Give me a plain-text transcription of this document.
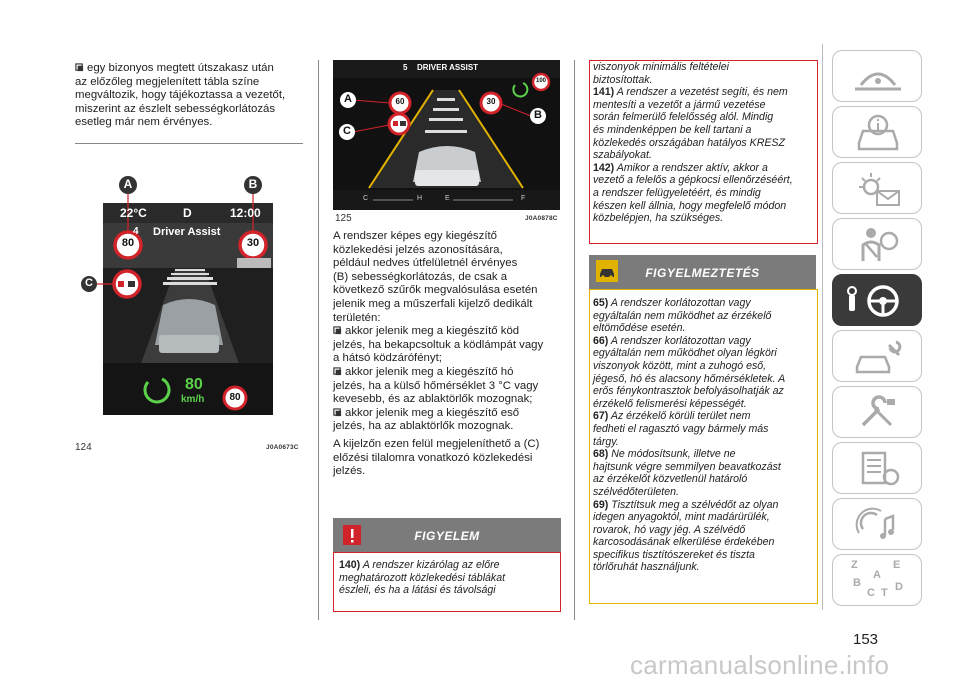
egy bizonyos megtett útszakasz után
az előzőleg megjelenített tábla színe
megváltozik, hogy tájékoztassa a vezetőt,
miszerint az észlelt sebességkorlátozás
esetleg már nem érvényes.
A	B
C
22°C	D	12:00
4 Driver Assist
80	30
80
km/h	80
124	J0A0673C
5 DRIVER ASSIST
A
B
C
60	30
100
C	H	E	F
125	J0A0878C
A rendszer képes egy kiegészítő
közlekedési jelzés azonosítására,
például nedves útfelületnél érvényes
(B) sebességkorlátozás, de csak a
következő szűrők megvalósulása esetén
jelenik meg a műszerfali kijelző dedikált
területén:
akkor jelenik meg a kiegészítő köd
jelzés, ha bekapcsoltuk a ködlámpát vagy
a hátsó ködzárófényt;
akkor jelenik meg a kiegészítő hó
jelzés, ha a külső hőmérséklet 3 °C vagy
kevesebb, és az ablaktörlők mozognak;
akkor jelenik meg a kiegészítő eső
jelzés, ha az ablaktörlők mozognak.
A kijelzőn ezen felül megjeleníthető a (C)
előzési tilalomra vonatkozó közlekedési
jelzés.
FIGYELEM
140) A rendszer kizárólag az előre
meghatározott közlekedési táblákat
észleli, és ha a látási és távolsági
viszonyok minimális feltételei
biztosítottak.
141) A rendszer a vezetést segíti, és nem
mentesíti a vezetőt a jármű vezetése
során felmerülő felelősség alól. Mindig
és mindenképpen be kell tartani a
közlekedés országában hatályos KRESZ
szabályokat.
142) Amikor a rendszer aktív, akkor a
vezető a felelős a gépkocsi ellenőrzéséért,
a rendszer felügyeletéért, és mindig
készen kell állnia, hogy megfelelő módon
közbelépjen, ha szükséges.
FIGYELMEZTETÉS
65) A rendszer korlátozottan vagy
egyáltalán nem működhet az érzékelő
eltömődése esetén.
66) A rendszer korlátozottan vagy
egyáltalán nem működhet olyan légköri
viszonyok között, mint a zuhogó eső,
jégeső, hó és alacsony hőmérsékletek. A
erős fénykontrasztok befolyásolhatják az
érzékelő felismerési képességét.
67) Az érzékelő körüli terület nem
fedheti el ragasztó vagy bármely más
tárgy.
68) Ne módosítsunk, illetve ne
hajtsunk végre semmilyen beavatkozást
az érzékelőt közvetlenül határoló
szélvédőterületen.
69) Tisztítsuk meg a szélvédőt az olyan
idegen anyagoktól, mint madárürülék,
rovarok, hó vagy jég. A szélvédő
karcosodásának elkerülése érdekében
specifikus tisztítószereket és tiszta
törlőruhát használjunk.	Z	E
A
B
C T D
153
carmanualsonline.info
